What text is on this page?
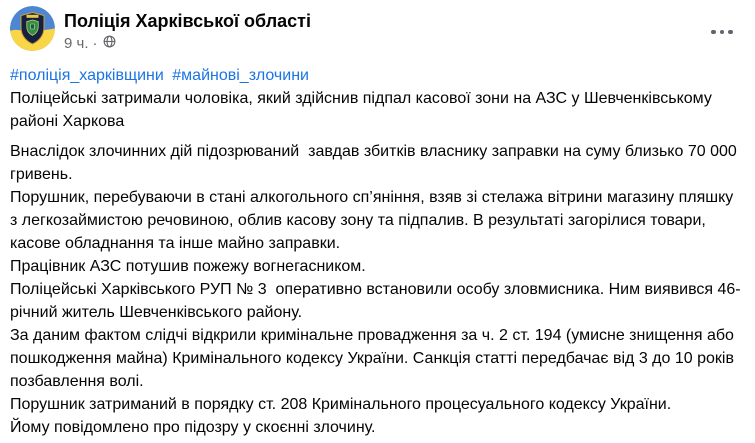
Поліція Харківської області
9 ч. ·

#поліція_харківщини #майнові_злочини

Поліцейські затримали чоловіка, який здійснив підпал касової зони на АЗС у Шевченківському районі Харкова

Внаслідок злочинних дій підозрюваний  завдав збитків власнику заправки на суму близько 70 000 гривень.

Порушник, перебуваючи в стані алкогольного сп’яніння, взяв зі стелажа вітрини магазину пляшку з легкозаймистою речовиною, облив касову зону та підпалив. В результаті загорілися товари, касове обладнання та інше майно заправки.

Працівник АЗС потушив пожежу вогнегасником.

Поліцейські Харківського РУП № 3  оперативно встановили особу зловмисника. Ним виявився 46-річний житель Шевченківського району.

За даним фактом слідчі відкрили кримінальне провадження за ч. 2 ст. 194 (умисне знищення або пошкодження майна) Кримінального кодексу України. Санкція статті передбачає від 3 до 10 років позбавлення волі.

Порушник затриманий в порядку ст. 208 Кримінального процесуального кодексу України.

Йому повідомлено про підозру у скоєнні злочину.
